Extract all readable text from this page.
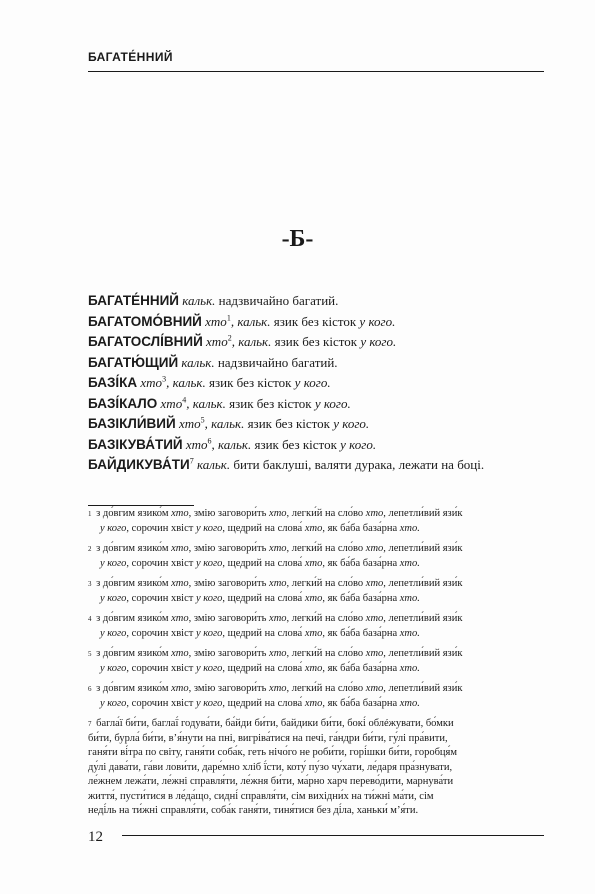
БАГАТЕ́ННИЙ
-Б-
БАГАТЕ́ННИЙ кальк. надзвичайно багатий.
БАГАТОМО́ВНИЙ хто$^1$, кальк. язик без кісток у кого.
БАГАТОСЛІ́ВНИЙ хто$^2$, кальк. язик без кісток у кого.
БАГАТЮ́ЩИЙ кальк. надзвичайно багатий.
БАЗІ́КА хто$^3$, кальк. язик без кісток у кого.
БАЗІ́КАЛО хто$^4$, кальк. язик без кісток у кого.
БАЗІКЛИ́ВИЙ хто$^5$, кальк. язик без кісток у кого.
БАЗІКУВА́ТИЙ хто$^6$, кальк. язик без кісток у кого.
$БАЙДИКУВА́ТИ^7$ кальк. бити баклуші, валяти дурака, лежати на боці.
$^1$ з до́вгим язико́м хто, змію заговори́ть хто, легки́й на сло́во хто, лепетли́вий язи́к
у кого, сорочин хвіст у кого, щедрий на слова́ хто, як ба́ба база́рна хто.
$^2$ з до́вгим язико́м хто, змію заговори́ть хто, легки́й на сло́во хто, лепетли́вий язи́к
у кого, сорочин хвіст у кого, щедрий на слова́ хто, як ба́ба база́рна хто.
$^3$ з до́вгим язико́м хто, змію заговори́ть хто, легки́й на сло́во хто, лепетли́вий язи́к
у кого, сорочин хвіст у кого, щедрий на слова́ хто, як ба́ба база́рна хто.
$^4$ з до́вгим язико́м хто, змію заговори́ть хто, легки́й на сло́во хто, лепетли́вий язи́к
у кого, сорочин хвіст у кого, щедрий на слова́ хто, як ба́ба база́рна хто.
$^5$ з до́вгим язико́м хто, змію заговори́ть хто, легки́й на сло́во хто, лепетли́вий язи́к
у кого, сорочин хвіст у кого, щедрий на слова́ хто, як ба́ба база́рна хто.
$^6$ з до́вгим язико́м хто, змію заговори́ть хто, легки́й на сло́во хто, лепетли́вий язи́к
у кого, сорочин хвіст у кого, щедрий на слова́ хто, як ба́ба база́рна хто.
$^7$ багла́ї би́ти, баглаї́ годува́ти, ба́йди би́ти, байдики би́ти, бокі́ облéжувати, бо́мки
би́ти, бурла́ би́ти, в’я́нути на пні, вигріва́тися на печі, га́ндри би́ти, гу́лі пра́вити,
ганя́ти ві́тра по світу, ганя́ти соба́к, геть нічо́го не роби́ти, горі́шки би́ти, горобця́м
ду́лі дава́ти, га́ви лови́ти, даре́мно хліб ї́сти, коту́ пу́зо чу́хати, ле́даря пра́знувати,
ле́жнем лежа́ти, ле́жні справля́ти, ле́жня би́ти, ма́рно харч перево́дити, марнува́ти
життя́, пусти́тися в ле́да́що, сидні́ справля́ти, сім вихідни́х на ти́жні ма́ти, сім
неді́ль на ти́жні справля́ти, соба́к ганя́ти, тиня́тися без ді́ла, ханьки́ м’я́ти.
12
